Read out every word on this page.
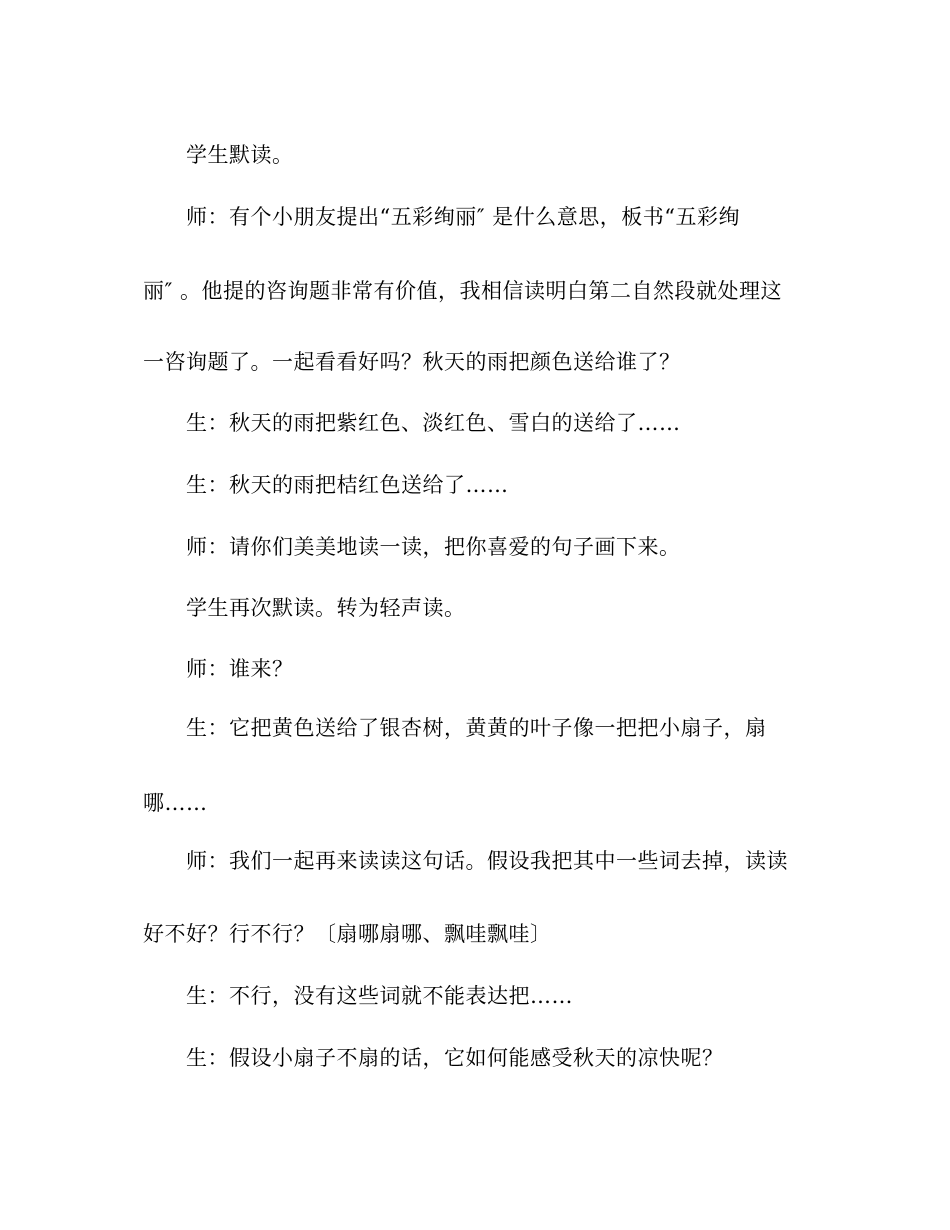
学生默读。
师：有个小朋友提出“五彩绚丽″ 是什么意思，板书“五彩绚
丽″ 。他提的咨询题非常有价值，我相信读明白第二自然段就处理这
一咨询题了。一起看看好吗？秋天的雨把颜色送给谁了？
生：秋天的雨把紫红色、淡红色、雪白的送给了……
生：秋天的雨把桔红色送给了……
师：请你们美美地读一读，把你喜爱的句子画下来。
学生再次默读。转为轻声读。
师：谁来？
生：它把黄色送给了银杏树，黄黄的叶子像一把把小扇子，扇
哪……
师：我们一起再来读读这句话。假设我把其中一些词去掉，读读
好不好？行不行？〔扇哪扇哪、飘哇飘哇〕
生：不行，没有这些词就不能表达把……
生：假设小扇子不扇的话，它如何能感受秋天的凉快呢？
